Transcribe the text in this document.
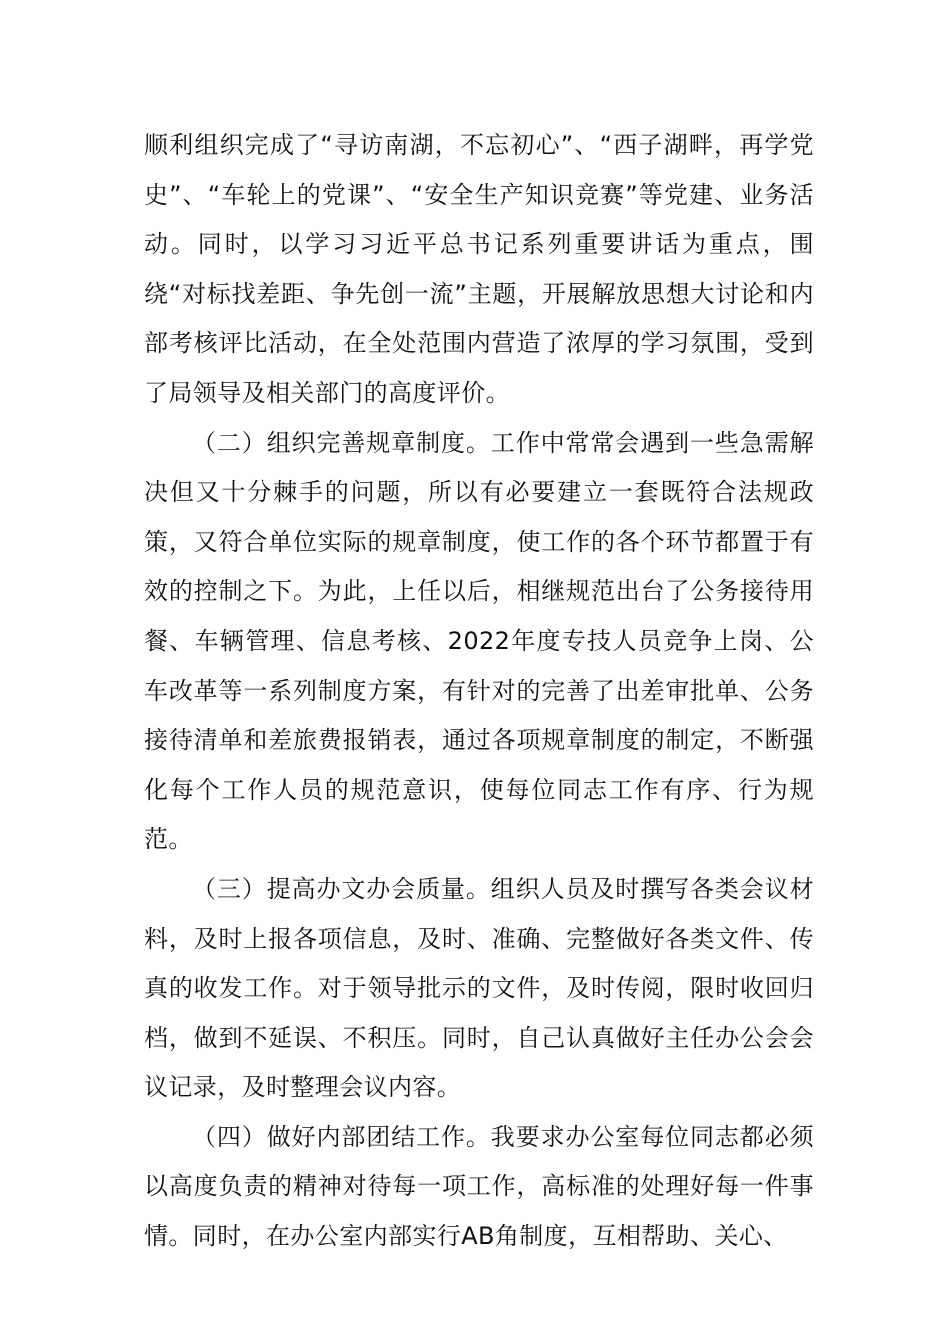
顺利组织完成了“寻访南湖，不忘初心”、“西子湖畔，再学党史”、“车轮上的党课”、“安全生产知识竞赛”等党建、业务活动。同时，以学习习近平总书记系列重要讲话为重点，围绕“对标找差距、争先创一流”主题，开展解放思想大讨论和内部考核评比活动，在全处范围内营造了浓厚的学习氛围，受到了局领导及相关部门的高度评价。

（二）组织完善规章制度。工作中常常会遇到一些急需解决但又十分棘手的问题，所以有必要建立一套既符合法规政策，又符合单位实际的规章制度，使工作的各个环节都置于有效的控制之下。为此，上任以后，相继规范出台了公务接待用餐、车辆管理、信息考核、2022年度专技人员竞争上岗、公车改革等一系列制度方案，有针对的完善了出差审批单、公务接待清单和差旅费报销表，通过各项规章制度的制定，不断强化每个工作人员的规范意识，使每位同志工作有序、行为规范。

（三）提高办文办会质量。组织人员及时撰写各类会议材料，及时上报各项信息，及时、准确、完整做好各类文件、传真的收发工作。对于领导批示的文件，及时传阅，限时收回归档，做到不延误、不积压。同时，自己认真做好主任办公会会议记录，及时整理会议内容。

（四）做好内部团结工作。我要求办公室每位同志都必须以高度负责的精神对待每一项工作，高标准的处理好每一件事情。同时，在办公室内部实行AB角制度，互相帮助、关心、
